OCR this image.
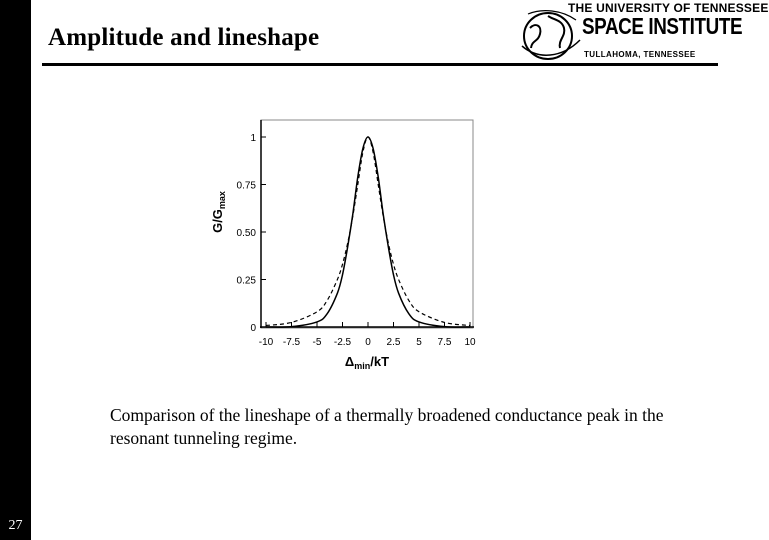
27
Amplitude and lineshape
THE UNIVERSITY OF TENNESSEE
SPACE INSTITUTE
TULLAHOMA, TENNESSEE
-10 -7.5 -5 -2.5 0 2.5 5 7.5 10
0
0.25
0.50
0.75
1
$G/G_{max}$
$\Delta_{min}/kT$
Comparison of the lineshape of a thermally broadened conductance peak in the resonant tunneling regime.
